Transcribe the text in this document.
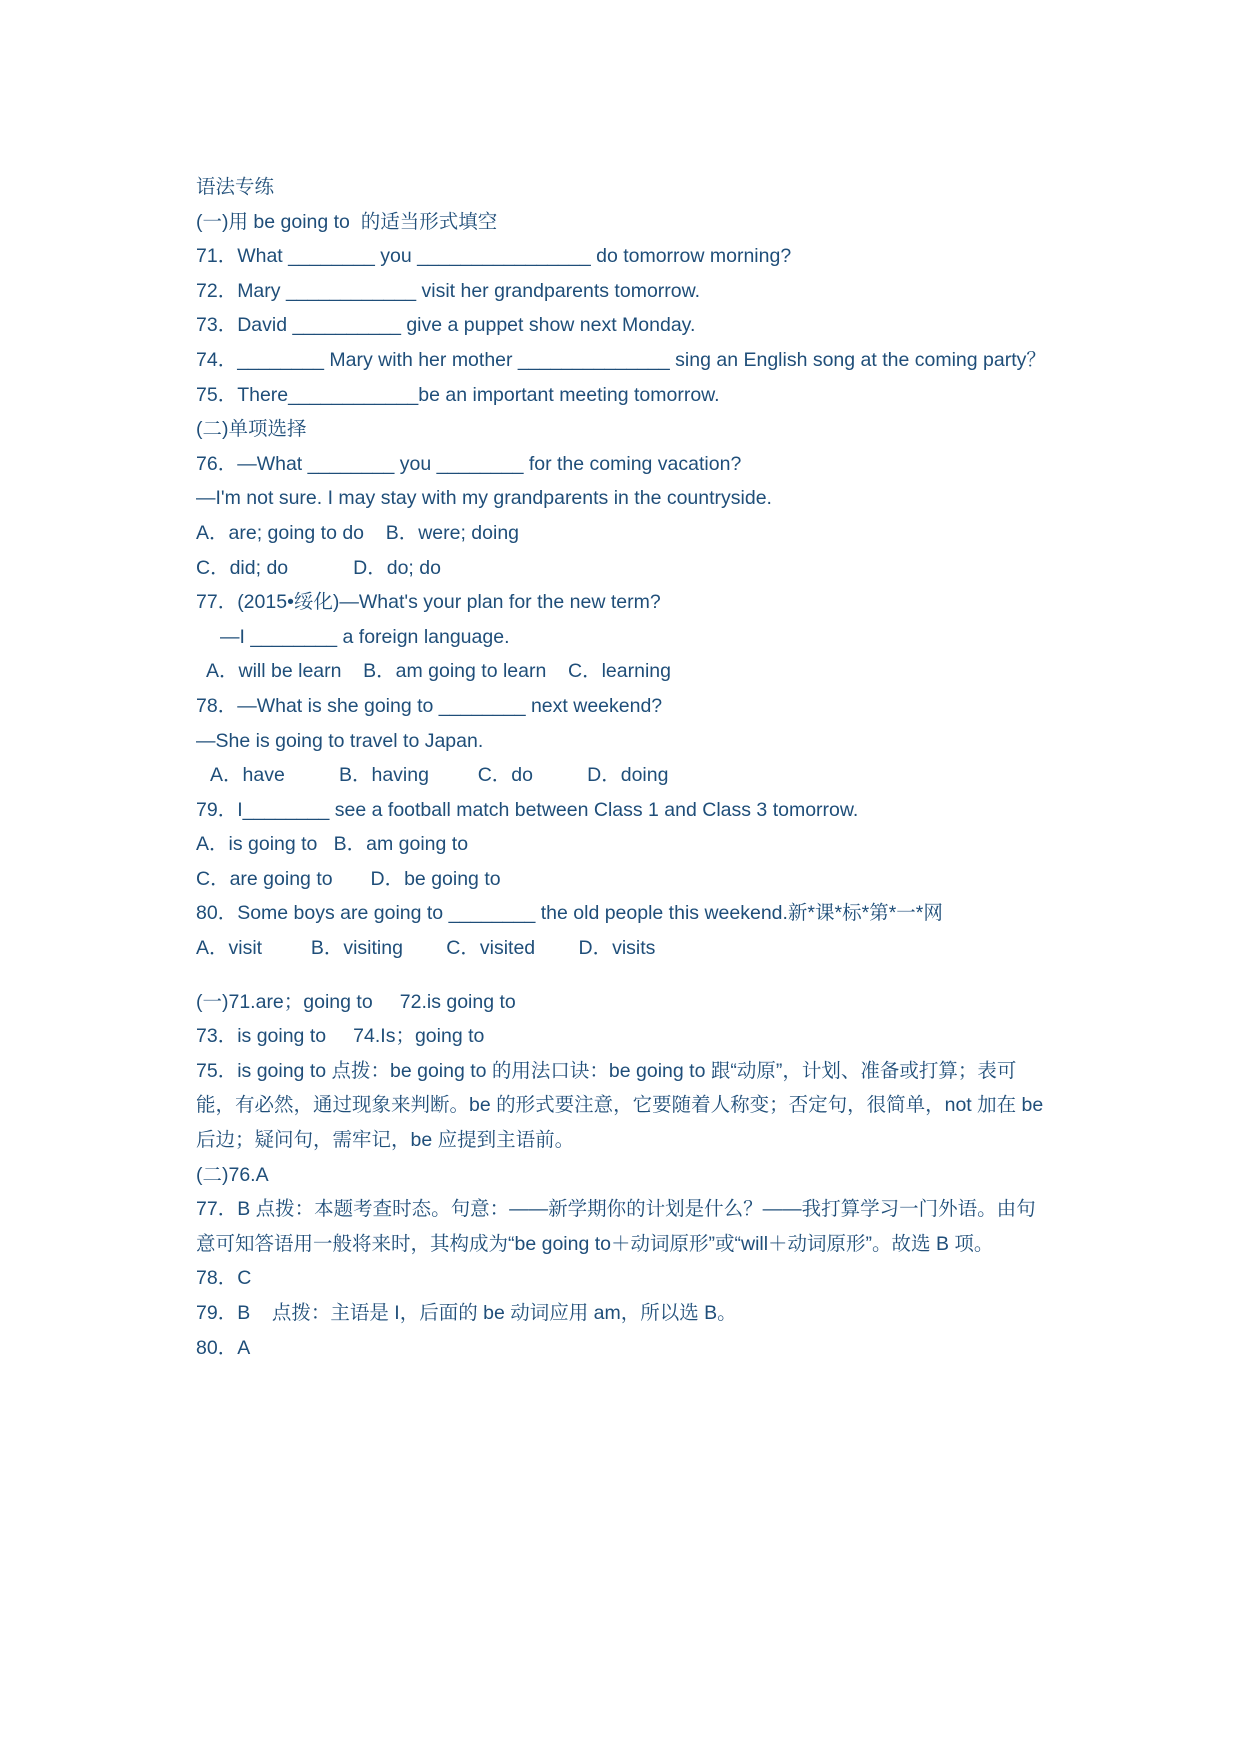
语法专练
(一)用 be going to  的适当形式填空
71．What ________ you ________________ do tomorrow morning?
72．Mary ____________ visit her grandparents tomorrow.
73．David __________ give a puppet show next Monday.
74．________ Mary with her mother ______________ sing an English song at the coming party？
75．There____________be an important meeting tomorrow.
(二)单项选择
76．—What ________ you ________ for the coming vacation?
—I'm not sure. I may stay with my grandparents in the countryside.
A．are; going to do    B．were; doing
C．did; do            D．do; do
77．(2015•绥化)—What's your plan for the new term?
—I ________ a foreign language.
A．will be learn    B．am going to learn    C．learning
78．—What is she going to ________ next weekend?
—She is going to travel to Japan.
A．have          B．having         C．do          D．doing
79．I________ see a football match between Class 1 and Class 3 tomorrow.
A．is going to   B．am going to
C．are going to       D．be going to
80．Some boys are going to ________ the old people this weekend.新*课*标*第*一*网
A．visit         B．visiting        C．visited        D．visits
(一)71.are；going to     72.is going to
73．is going to     74.Is；going to
75．is going to 点拨：be going to 的用法口诀：be going to 跟“动原”，计划、准备或打算；表可能，有必然，通过现象来判断。be 的形式要注意，它要随着人称变；否定句，很简单，not 加在 be 后边；疑问句，需牢记，be 应提到主语前。
(二)76.A
77．B 点拨：本题考查时态。句意：——新学期你的计划是什么？——我打算学习一门外语。由句意可知答语用一般将来时，其构成为“be going to＋动词原形”或“will＋动词原形”。故选 B 项。
78．C
79．B    点拨：主语是 I，后面的 be 动词应用 am，所以选 B。
80．A
